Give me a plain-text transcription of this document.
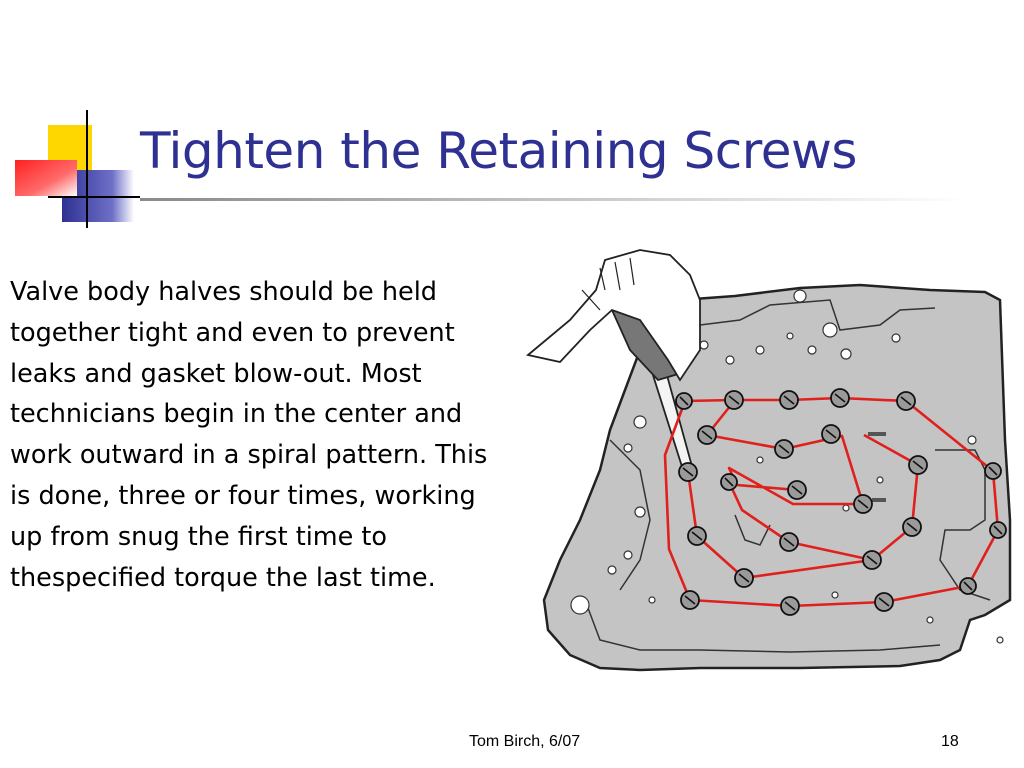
Tighten the Retaining Screws

Valve body halves should be held together tight and even to prevent leaks and gasket blow-out. Most technicians begin in the center and work outward in a spiral pattern. This is done, three or four times, working up from snug the first time to thespecified torque the last time.

Tom Birch, 6/07	18
